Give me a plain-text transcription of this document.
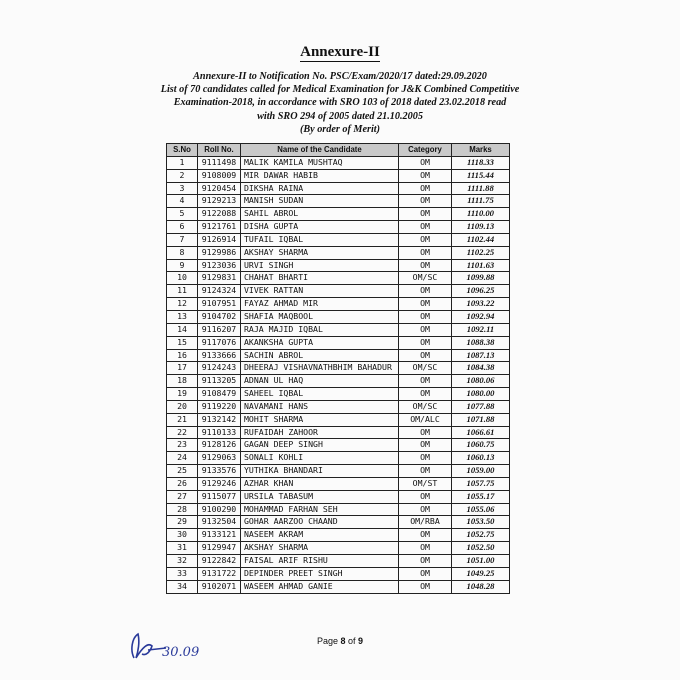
Annexure-II
Annexure-II to Notification No. PSC/Exam/2020/17 dated:29.09.2020
List of 70 candidates called for Medical Examination for J&K Combined Competitive
Examination-2018, in accordance with SRO 103 of 2018 dated 23.02.2018 read
with SRO 294 of 2005 dated 21.10.2005
(By order of Merit)
S.No	Roll No.	Name of the Candidate	Category	Marks
1	9111498	MALIK KAMILA MUSHTAQ	OM	1118.33
2	9108009	MIR DAWAR HABIB	OM	1115.44
3	9120454	DIKSHA RAINA	OM	1111.88
4	9129213	MANISH SUDAN	OM	1111.75
5	9122088	SAHIL ABROL	OM	1110.00
6	9121761	DISHA GUPTA	OM	1109.13
7	9126914	TUFAIL IQBAL	OM	1102.44
8	9129986	AKSHAY SHARMA	OM	1102.25
9	9123036	URVI SINGH	OM	1101.63
10	9129831	CHAHAT BHARTI	OM/SC	1099.88
11	9124324	VIVEK RATTAN	OM	1096.25
12	9107951	FAYAZ AHMAD MIR	OM	1093.22
13	9104702	SHAFIA MAQBOOL	OM	1092.94
14	9116207	RAJA MAJID IQBAL	OM	1092.11
15	9117076	AKANKSHA GUPTA	OM	1088.38
16	9133666	SACHIN ABROL	OM	1087.13
17	9124243	DHEERAJ VISHAVNATHBHIM BAHADUR	OM/SC	1084.38
18	9113205	ADNAN UL HAQ	OM	1080.06
19	9108479	SAHEEL IQBAL	OM	1080.00
20	9119220	NAVAMANI HANS	OM/SC	1077.88
21	9132142	MOHIT SHARMA	OM/ALC	1071.88
22	9110133	RUFAIDAH ZAHOOR	OM	1066.61
23	9128126	GAGAN DEEP SINGH	OM	1060.75
24	9129063	SONALI KOHLI	OM	1060.13
25	9133576	YUTHIKA BHANDARI	OM	1059.00
26	9129246	AZHAR KHAN	OM/ST	1057.75
27	9115077	URSILA TABASUM	OM	1055.17
28	9100290	MOHAMMAD FARHAN SEH	OM	1055.06
29	9132504	GOHAR AARZOO CHAAND	OM/RBA	1053.50
30	9133121	NASEEM AKRAM	OM	1052.75
31	9129947	AKSHAY SHARMA	OM	1052.50
32	9122842	FAISAL ARIF RISHU	OM	1051.00
33	9131722	DEPINDER PREET SINGH	OM	1049.25
34	9102071	WASEEM AHMAD GANIE	OM	1048.28
Page 8 of 9
30.09
